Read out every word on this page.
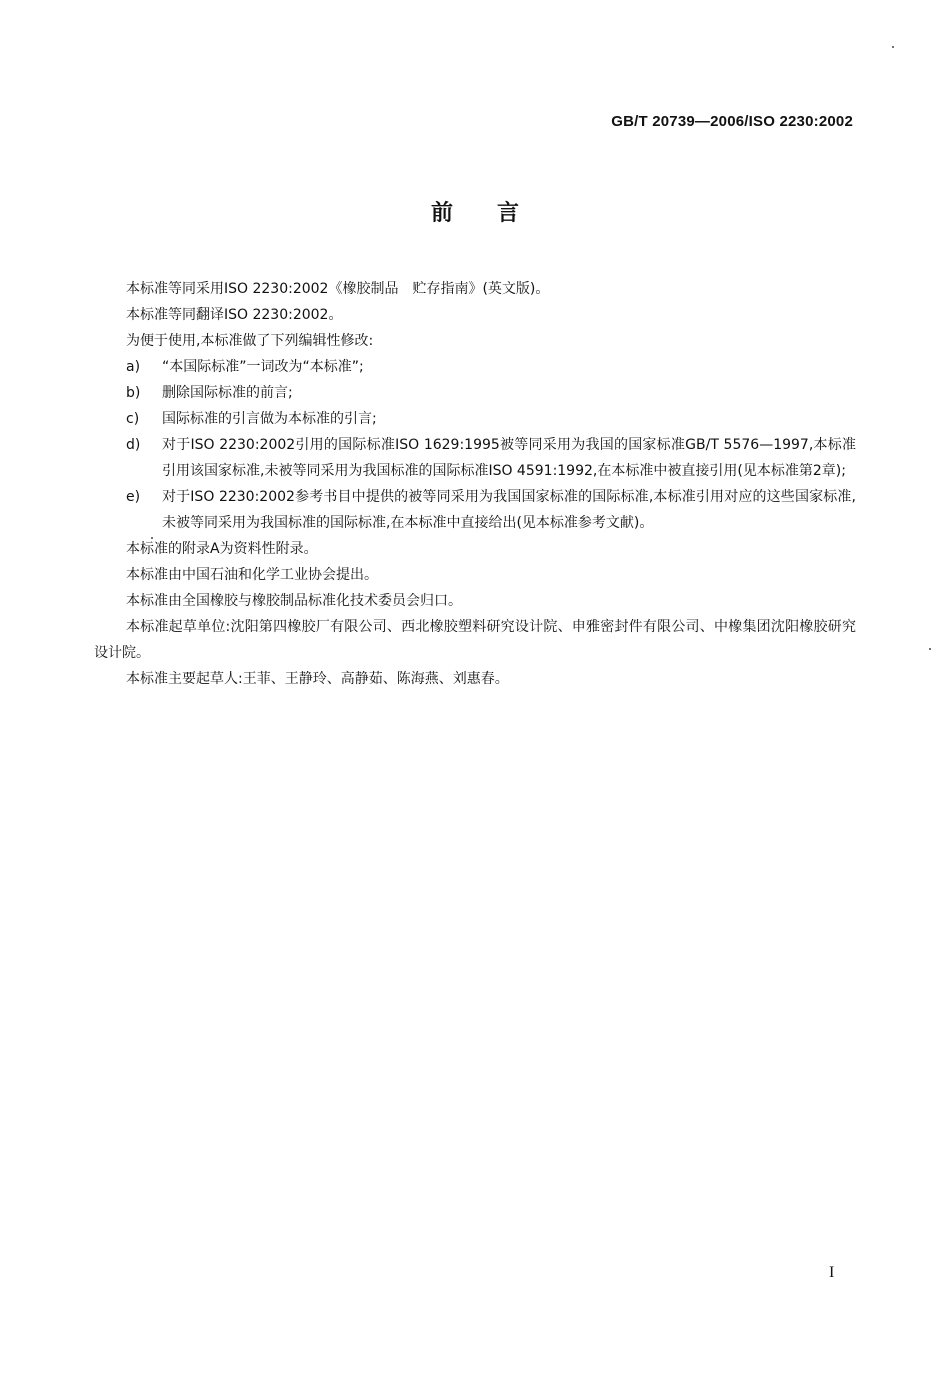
GB/T 20739—2006/ISO 2230:2002
前言

本标准等同采用ISO 2230:2002《橡胶制品　贮存指南》(英文版)。

本标准等同翻译ISO 2230:2002。

为便于使用,本标准做了下列编辑性修改:

a)	“本国际标准”一词改为“本标准”;
b)	删除国际标准的前言;
c)	国际标准的引言做为本标准的引言;
d)	对于ISO 2230:2002引用的国际标准ISO 1629:1995被等同采用为我国的国家标准GB/T 5576—1997,本标准引用该国家标准,未被等同采用为我国标准的国际标准ISO 4591:1992,在本标准中被直接引用(见本标准第2章);
e)	对于ISO 2230:2002参考书目中提供的被等同采用为我国国家标准的国际标准,本标准引用对应的这些国家标准,未被等同采用为我国标准的国际标准,在本标准中直接给出(见本标准参考文献)。

本标准的附录A为资料性附录。

本标准由中国石油和化学工业协会提出。

本标准由全国橡胶与橡胶制品标准化技术委员会归口。

本标准起草单位:沈阳第四橡胶厂有限公司、西北橡胶塑料研究设计院、申雅密封件有限公司、中橡集团沈阳橡胶研究设计院。

本标准主要起草人:王菲、王静玲、高静茹、陈海燕、刘惠春。

I
